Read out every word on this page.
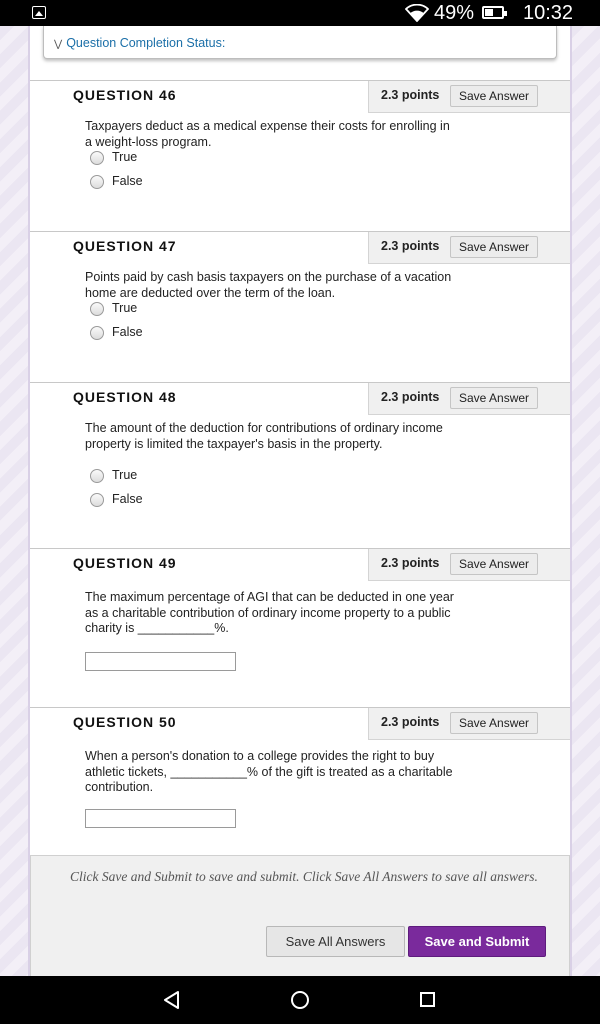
49% 10:32
⋁ Question Completion Status:
QUESTION 46	2.3 points	Save Answer
Taxpayers deduct as a medical expense their costs for enrolling in a weight-loss program.
True
False
QUESTION 47	2.3 points	Save Answer
Points paid by cash basis taxpayers on the purchase of a vacation home are deducted over the term of the loan.
True
False
QUESTION 48	2.3 points	Save Answer
The amount of the deduction for contributions of ordinary income property is limited the taxpayer's basis in the property.
True
False
QUESTION 49	2.3 points	Save Answer
The maximum percentage of AGI that can be deducted in one year as a charitable contribution of ordinary income property to a public charity is ___________%.
QUESTION 50	2.3 points	Save Answer
When a person's donation to a college provides the right to buy athletic tickets, ___________% of the gift is treated as a charitable contribution.
Click Save and Submit to save and submit. Click Save All Answers to save all answers.
Save All Answers	Save and Submit
